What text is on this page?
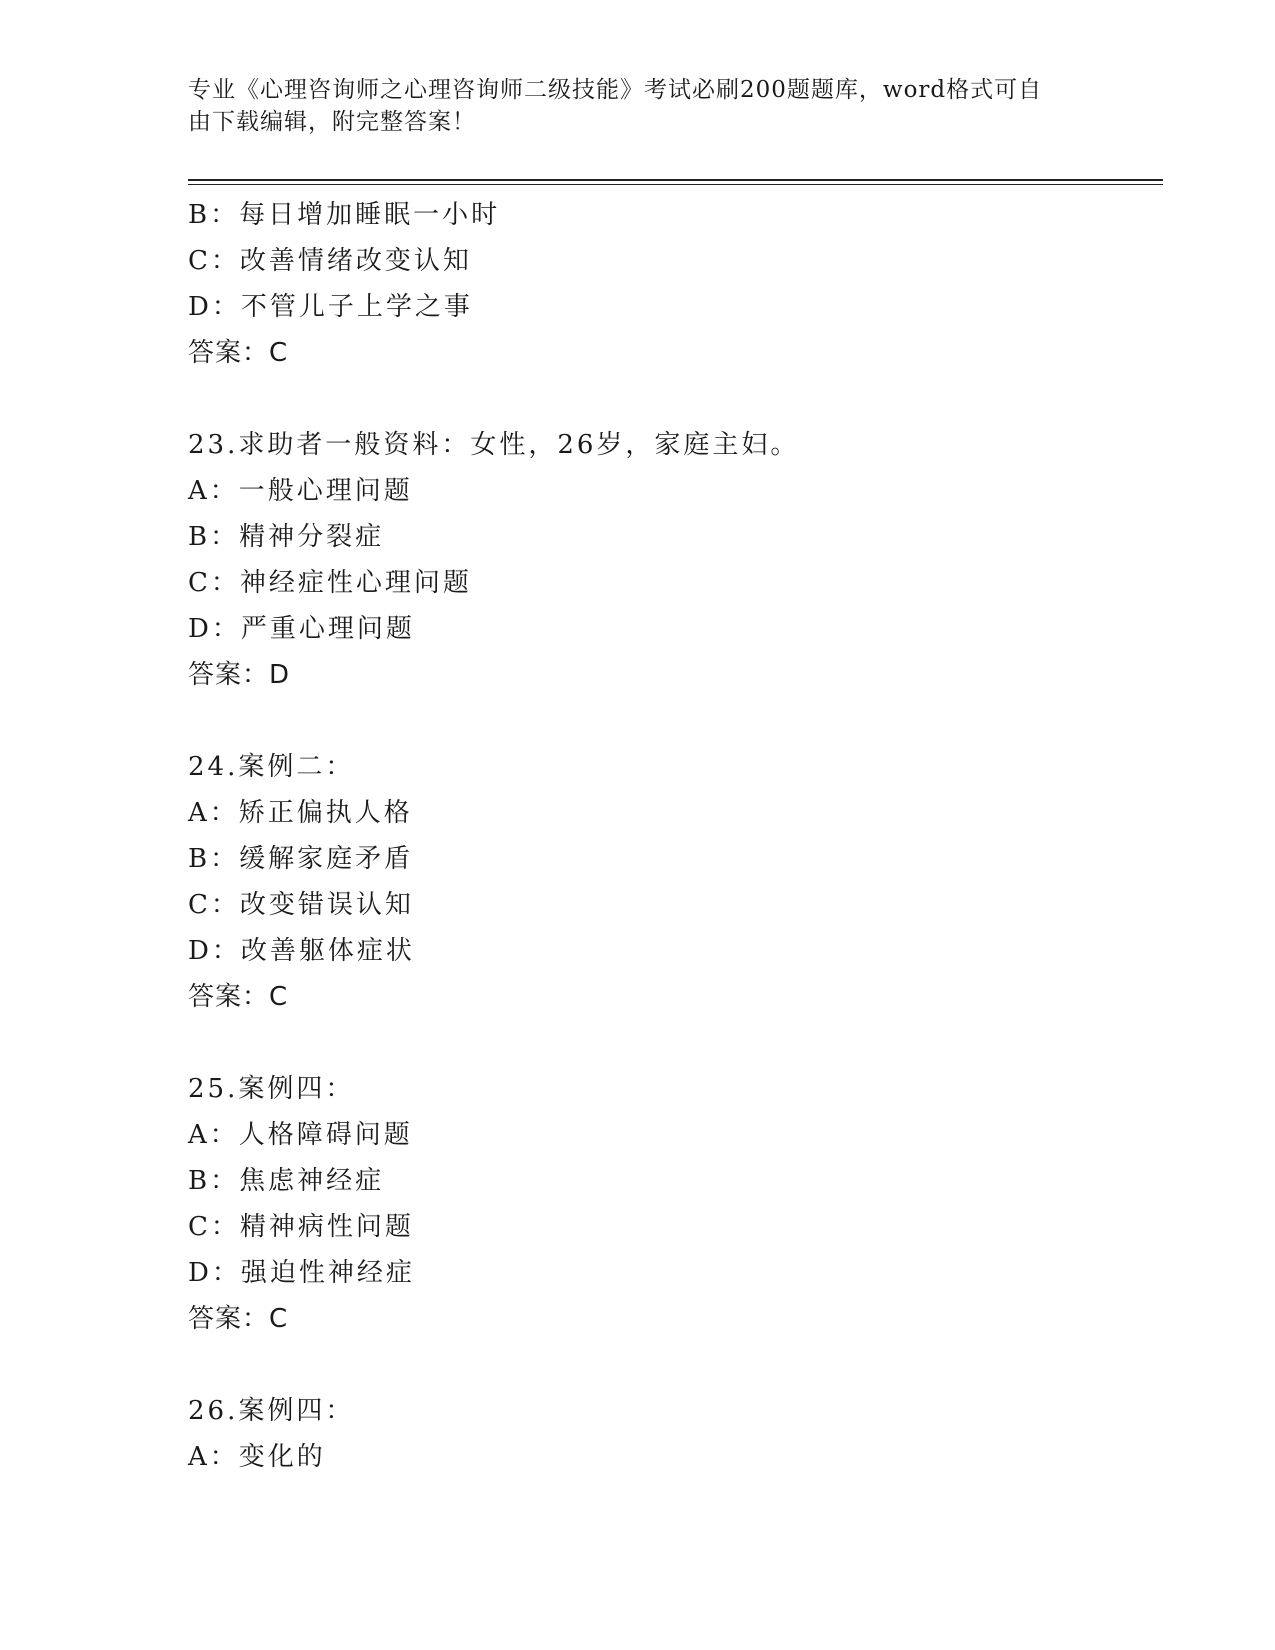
专业《心理咨询师之心理咨询师二级技能》考试必刷200题题库，word格式可自
由下载编辑，附完整答案！
B：每日增加睡眠一小时
C：改善情绪改变认知
D：不管儿子上学之事
答案：C
23.求助者一般资料：女性，26岁，家庭主妇。
A：一般心理问题
B：精神分裂症
C：神经症性心理问题
D：严重心理问题
答案：D
24.案例二：
A：矫正偏执人格
B：缓解家庭矛盾
C：改变错误认知
D：改善躯体症状
答案：C
25.案例四：
A：人格障碍问题
B：焦虑神经症
C：精神病性问题
D：强迫性神经症
答案：C
26.案例四：
A：变化的
